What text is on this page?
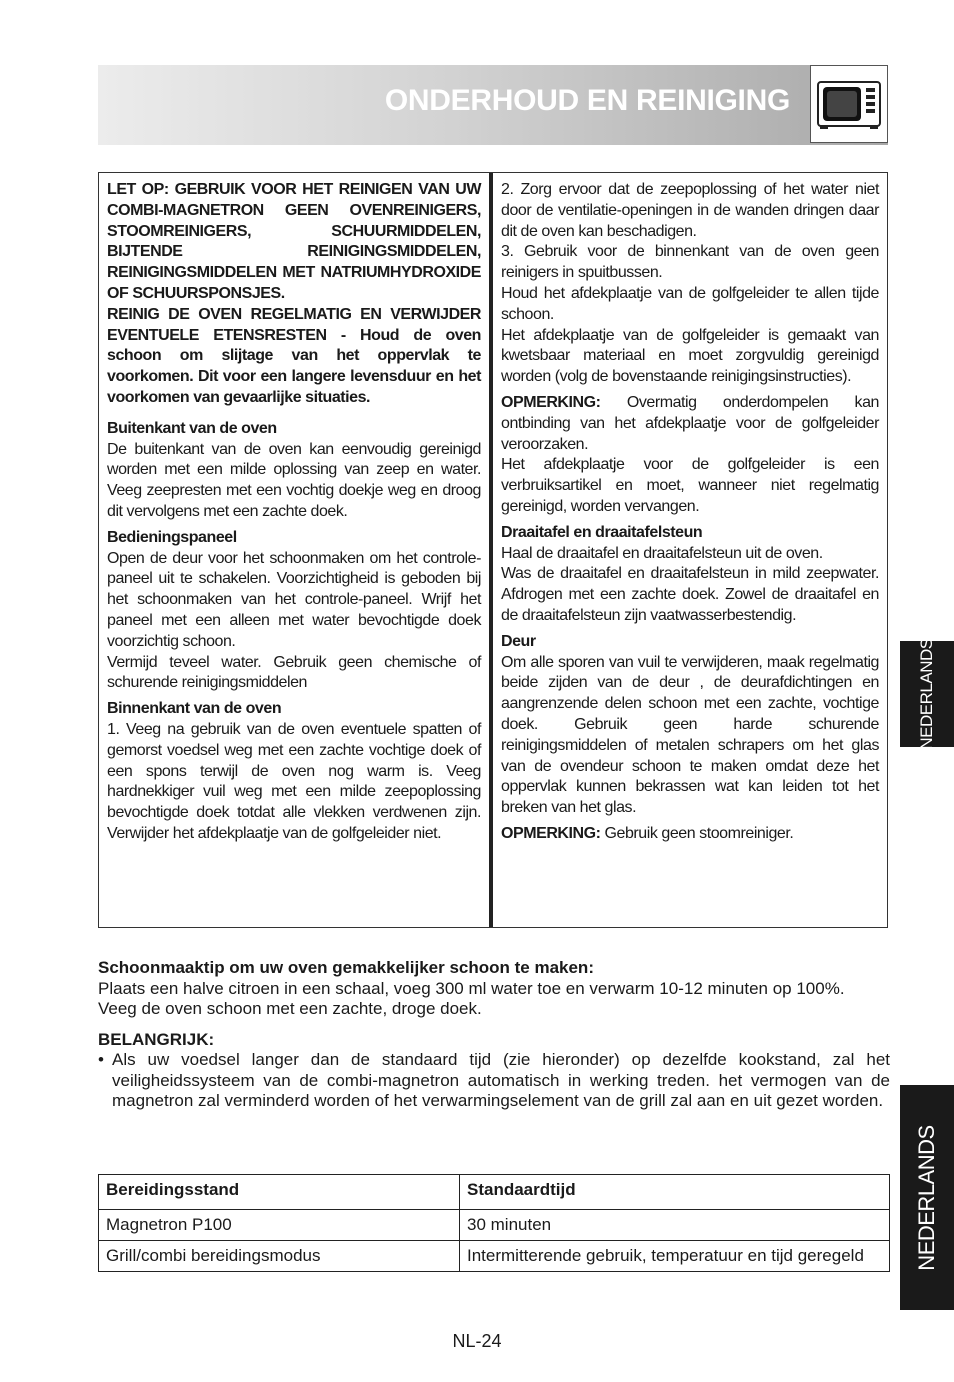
ONDERHOUD EN REINIGING

LET OP: GEBRUIK VOOR HET REINIGEN VAN UW COMBI-MAGNETRON GEEN OVENREINIGERS, STOOMREINIGERS, SCHUURMIDDELEN, BIJTENDE REINIGINGSMIDDELEN, REINIGINGSMIDDELEN MET NATRIUMHYDROXIDE OF SCHUURSPONSJES.

REINIG DE OVEN REGELMATIG EN VERWIJDER EVENTUELE ETENSRESTEN - Houd de oven schoon om slijtage van het oppervlak te voorkomen. Dit voor een langere levensduur en het voorkomen van gevaarlijke situaties.

Buitenkant van de oven

De buitenkant van de oven kan eenvoudig gereinigd worden met een milde oplossing van zeep en water. Veeg zeepresten met een vochtig doekje weg en droog dit vervolgens met een zachte doek.

Bedieningspaneel

Open de deur voor het schoonmaken om het controle-paneel uit te schakelen. Voorzichtigheid is geboden bij het schoonmaken van het controle-paneel. Wrijf het paneel met een alleen met water bevochtigde doek voorzichtig schoon.

Vermijd teveel water. Gebruik geen chemische of schurende reinigingsmiddelen

Binnenkant van de oven

1. Veeg na gebruik van de oven eventuele spatten of gemorst voedsel weg met een zachte vochtige doek of een spons terwijl de oven nog warm is. Veeg hardnekkiger vuil weg met een milde zeepoplossing bevochtigde doek totdat alle vlekken verdwenen zijn. Verwijder het afdekplaatje van de golfgeleider niet.

2. Zorg ervoor dat de zeepoplossing of het water niet door de ventilatie-openingen in de wanden dringen daar dit de oven kan beschadigen.

3. Gebruik voor de binnenkant van de oven geen reinigers in spuitbussen.

Houd het afdekplaatje van de golfgeleider te allen tijde schoon.

Het afdekplaatje van de golfgeleider is gemaakt van kwetsbaar materiaal en moet zorgvuldig gereinigd worden (volg de bovenstaande reinigingsinstructies).

OPMERKING: Overmatig onderdompelen kan ontbinding van het afdekplaatje voor de golfgeleider veroorzaken.

Het afdekplaatje voor de golfgeleider is een verbruiksartikel en moet, wanneer niet regelmatig gereinigd, worden vervangen.

Draaitafel en draaitafelsteun

Haal de draaitafel en draaitafelsteun uit de oven.

Was de draaitafel en draaitafelsteun in mild zeepwater. Afdrogen met een zachte doek. Zowel de draaitafel en de draaitafelsteun zijn vaatwasserbestendig.

Deur

Om alle sporen van vuil te verwijderen, maak regelmatig beide zijden van de deur , de deurafdichtingen en aangrenzende delen schoon met een zachte, vochtige doek. Gebruik geen harde schurende reinigingsmiddelen of metalen schrapers om het glas van de ovendeur schoon te maken omdat deze het oppervlak kunnen bekrassen wat kan leiden tot het breken van het glas.

OPMERKING: Gebruik geen stoomreiniger.

Schoonmaaktip om uw oven gemakkelijker schoon te maken:

Plaats een halve citroen in een schaal, voeg 300 ml water toe en verwarm 10-12 minuten op 100%.

Veeg de oven schoon met een zachte, droge doek.

BELANGRIJK:
• Als uw voedsel langer dan de standaard tijd (zie hieronder) op dezelfde kookstand, zal het veiligheidssysteem van de combi-magnetron automatisch in werking treden. het vermogen van de magnetron zal verminderd worden of het verwarmingselement van de grill zal aan en uit gezet worden.
Bereidingsstand	Standaardtijd
Magnetron P100	30 minuten
Grill/combi bereidingsmodus	Intermitterende gebruik, temperatuur en tijd geregeld
NL-24
NEDERLANDS
NEDERLANDS
